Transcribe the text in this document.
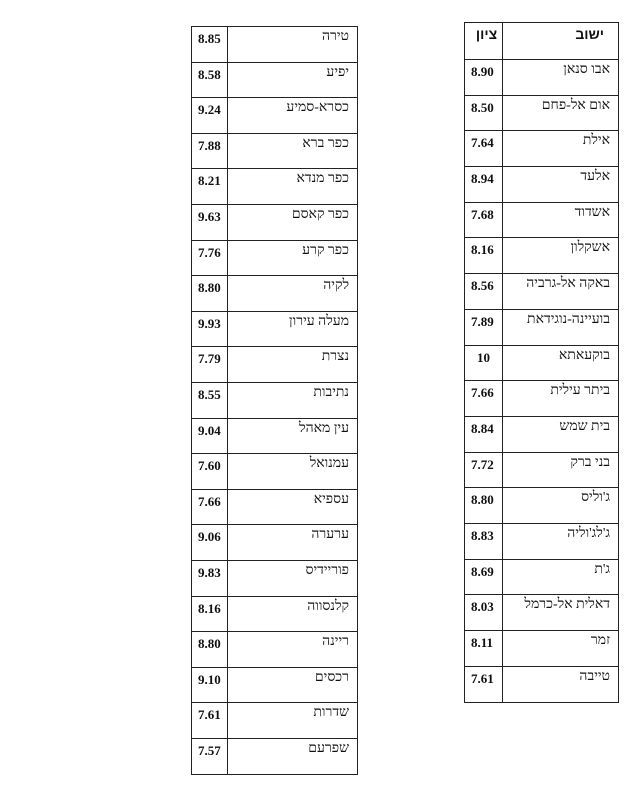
8.85	טירה
8.58	יפיע
9.24	כסרא-סמיע
7.88	כפר ברא
8.21	כפר מנדא
9.63	כפר קאסם
7.76	כפר קרע
8.80	לקיה
9.93	מעלה עירון
7.79	נצרת
8.55	נתיבות
9.04	עין מאהל
7.60	עמנואל
7.66	עספיא
9.06	ערערה
9.83	פוריידיס
8.16	קלנסווה
8.80	ריינה
9.10	רכסים
7.61	שדרות
7.57	שפרעם
ציון	ישוב
8.90	אבו סנאן
8.50	אום אל-פחם
7.64	אילת
8.94	אלעד
7.68	אשדוד
8.16	אשקלון
8.56	באקה אל-גרביה
7.89	בועיינה-נוגידאת
10	בוקעאתא
7.66	ביתר עילית
8.84	בית שמש
7.72	בני ברק
8.80	ג'וליס
8.83	ג'לג'וליה
8.69	ג'ת
8.03	דאלית אל-כרמל
8.11	זמר
7.61	טייבה
